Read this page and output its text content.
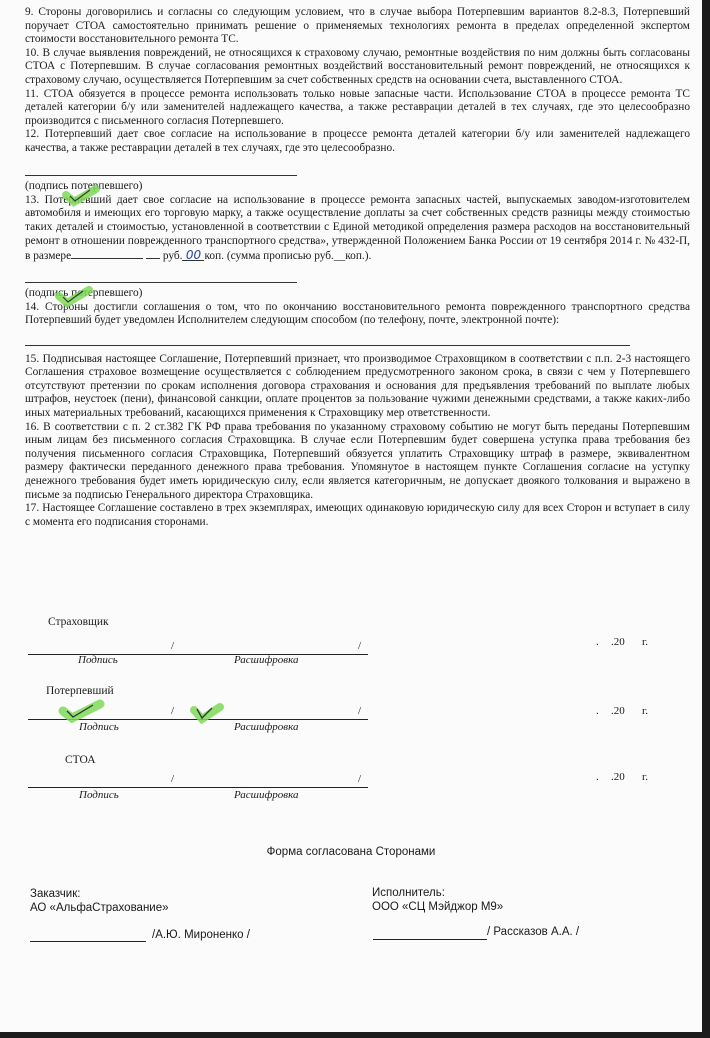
9. Стороны договорились и согласны со следующим условием, что в случае выбора Потерпевшим вариантов 8.2-8.3, Потерпевший поручает СТОА самостоятельно принимать решение о применяемых технологиях ремонта в пределах определенной экспертом стоимости восстановительного ремонта ТС.

10. В случае выявления повреждений, не относящихся к страховому случаю, ремонтные воздействия по ним должны быть согласованы СТОА с Потерпевшим. В случае согласования ремонтных воздействий восстановительный ремонт повреждений, не относящихся к страховому случаю, осуществляется Потерпевшим за счет собственных средств на основании счета, выставленного СТОА.

11. СТОА обязуется в процессе ремонта использовать только новые запасные части. Использование СТОА в процессе ремонта ТС деталей категории б/у или заменителей надлежащего качества, а также реставрации деталей в тех случаях, где это целесообразно производится с письменного согласия Потерпевшего.

12. Потерпевший дает свое согласие на использование в процессе ремонта деталей категории б/у или заменителей надлежащего качества, а также реставрации деталей в тех случаях, где это целесообразно.

(подпись потерпевшего)

13. Потерпевший дает свое согласие на использование в процессе ремонта запасных частей, выпускаемых заводом-изготовителем автомобиля и имеющих его торговую марку, а также осуществление доплаты за счет собственных средств разницы между стоимостью таких деталей и стоимостью, установленной в соответствии с Единой методикой определения размера расходов на восстановительный ремонт в отношении поврежденного транспортного средства», утвержденной Положением Банка России от 19 сентября 2014 г. № 432-П, в размере	руб. 00 коп. (сумма прописью руб.__коп.).

(подпись потерпевшего)

14. Стороны достигли соглашения о том, что по окончанию восстановительного ремонта поврежденного транспортного средства Потерпевший будет уведомлен Исполнителем следующим способом (по телефону, почте, электронной почте):

15. Подписывая настоящее Соглашение, Потерпевший признает, что производимое Страховщиком в соответствии с п.п. 2-3 настоящего Соглашения страховое возмещение осуществляется с соблюдением предусмотренного законом срока, в связи с чем у Потерпевшего отсутствуют претензии по срокам исполнения договора страхования и основания для предъявления требований по выплате любых штрафов, неустоек (пени), финансовой санкции, оплате процентов за пользование чужими денежными средствами, а также каких-либо иных материальных требований, касающихся применения к Страховщику мер ответственности.

16. В соответствии с п. 2 ст.382 ГК РФ права требования по указанному страховому событию не могут быть переданы Потерпевшим иным лицам без письменного согласия Страховщика. В случае если Потерпевшим будет совершена уступка права требования без получения письменного согласия Страховщика, Потерпевший обязуется уплатить Страховщику штраф в размере, эквивалентном размеру фактически переданного денежного права требования. Упомянутое в настоящем пункте Соглашения согласие на уступку денежного требования будет иметь юридическую силу, если является категоричным, не допускает двоякого толкования и выражено в письме за подписью Генерального директора Страховщика.

17. Настоящее Соглашение составлено в трех экземплярах, имеющих одинаковую юридическую силу для всех Сторон и вступает в силу с момента его подписания сторонами.

Страховщик
/	/
Подпись	Расшифровка
. .20 г.
Потерпевший
/	/
Подпись	Расшифровка
. .20 г.
СТОА
/	/
Подпись	Расшифровка
. .20 г.
Форма согласована Сторонами
Заказчик:
АО «АльфаСтрахование»
/А.Ю. Мироненко /
Исполнитель:
ООО «СЦ Мэйджор М9»
/ Рассказов А.А. /
